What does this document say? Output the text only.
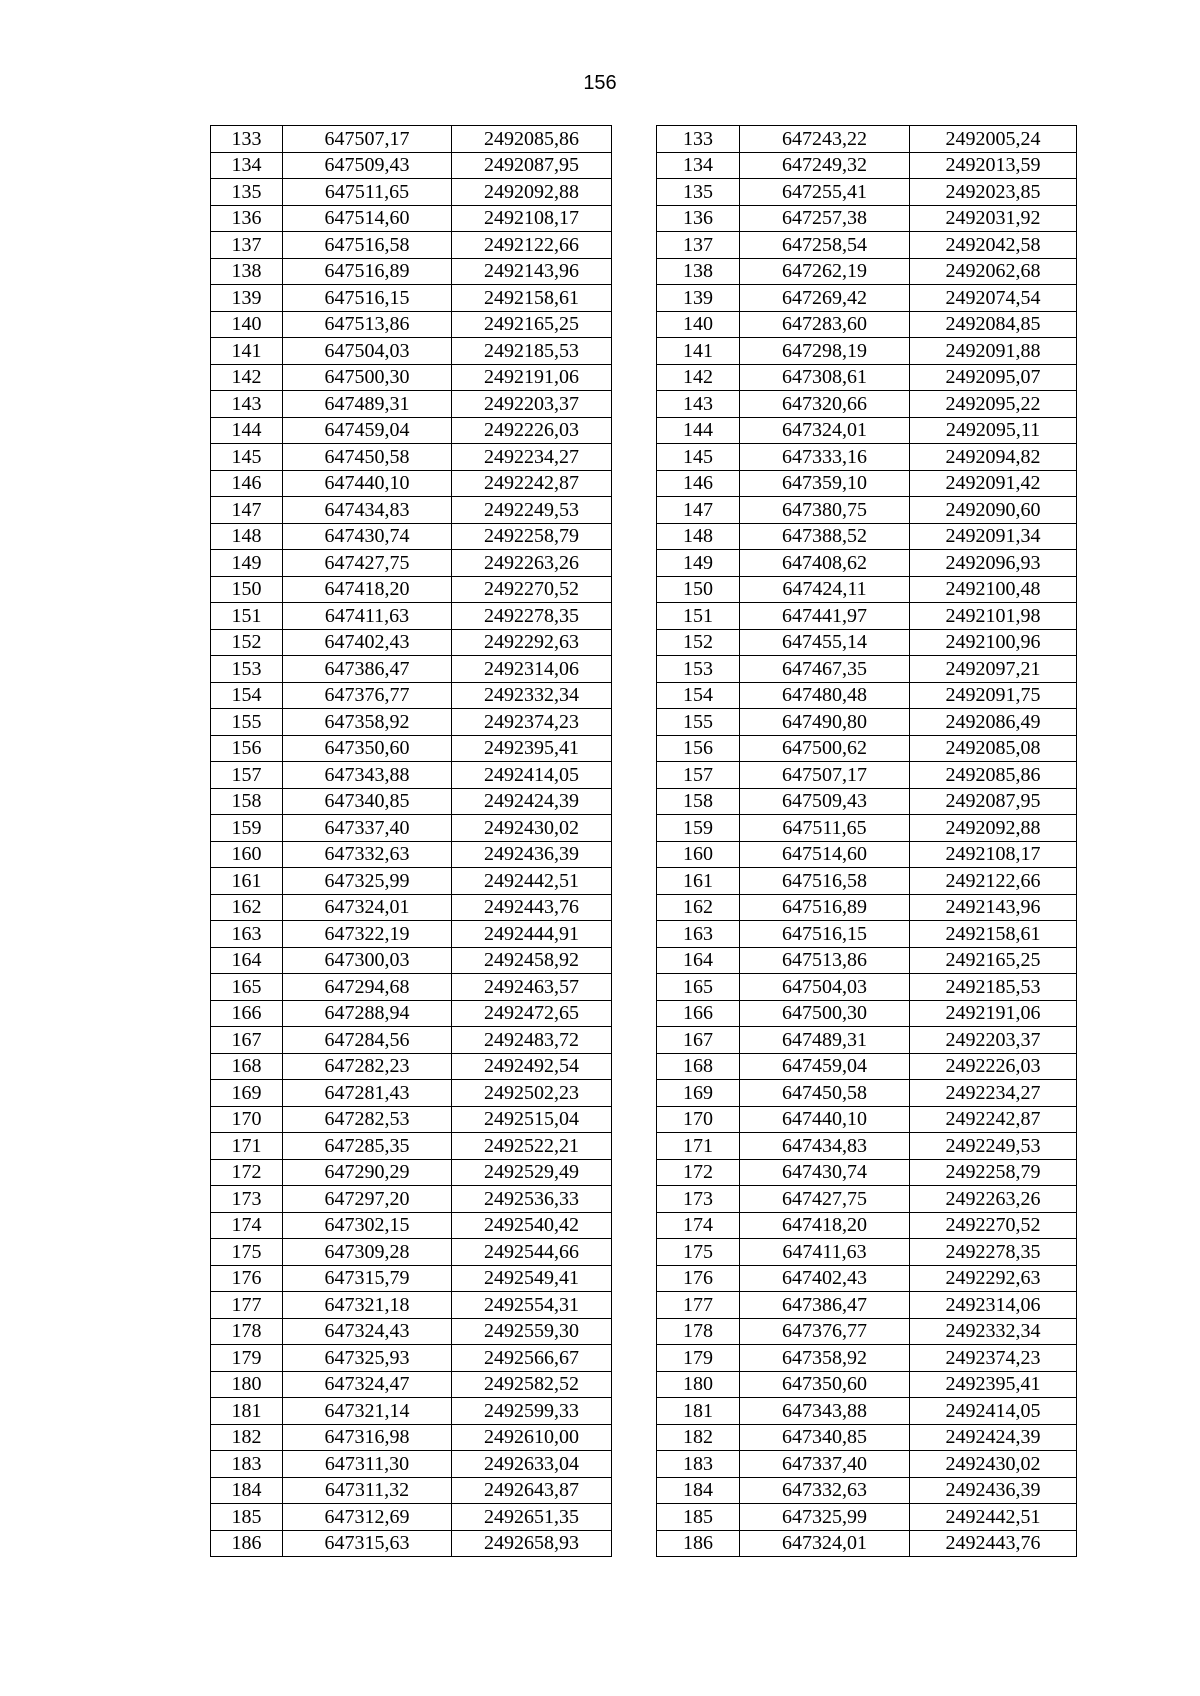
156
133	647507,17	2492085,86		133	647243,22	2492005,24
134	647509,43	2492087,95		134	647249,32	2492013,59
135	647511,65	2492092,88		135	647255,41	2492023,85
136	647514,60	2492108,17		136	647257,38	2492031,92
137	647516,58	2492122,66		137	647258,54	2492042,58
138	647516,89	2492143,96		138	647262,19	2492062,68
139	647516,15	2492158,61		139	647269,42	2492074,54
140	647513,86	2492165,25		140	647283,60	2492084,85
141	647504,03	2492185,53		141	647298,19	2492091,88
142	647500,30	2492191,06		142	647308,61	2492095,07
143	647489,31	2492203,37		143	647320,66	2492095,22
144	647459,04	2492226,03		144	647324,01	2492095,11
145	647450,58	2492234,27		145	647333,16	2492094,82
146	647440,10	2492242,87		146	647359,10	2492091,42
147	647434,83	2492249,53		147	647380,75	2492090,60
148	647430,74	2492258,79		148	647388,52	2492091,34
149	647427,75	2492263,26		149	647408,62	2492096,93
150	647418,20	2492270,52		150	647424,11	2492100,48
151	647411,63	2492278,35		151	647441,97	2492101,98
152	647402,43	2492292,63		152	647455,14	2492100,96
153	647386,47	2492314,06		153	647467,35	2492097,21
154	647376,77	2492332,34		154	647480,48	2492091,75
155	647358,92	2492374,23		155	647490,80	2492086,49
156	647350,60	2492395,41		156	647500,62	2492085,08
157	647343,88	2492414,05		157	647507,17	2492085,86
158	647340,85	2492424,39		158	647509,43	2492087,95
159	647337,40	2492430,02		159	647511,65	2492092,88
160	647332,63	2492436,39		160	647514,60	2492108,17
161	647325,99	2492442,51		161	647516,58	2492122,66
162	647324,01	2492443,76		162	647516,89	2492143,96
163	647322,19	2492444,91		163	647516,15	2492158,61
164	647300,03	2492458,92		164	647513,86	2492165,25
165	647294,68	2492463,57		165	647504,03	2492185,53
166	647288,94	2492472,65		166	647500,30	2492191,06
167	647284,56	2492483,72		167	647489,31	2492203,37
168	647282,23	2492492,54		168	647459,04	2492226,03
169	647281,43	2492502,23		169	647450,58	2492234,27
170	647282,53	2492515,04		170	647440,10	2492242,87
171	647285,35	2492522,21		171	647434,83	2492249,53
172	647290,29	2492529,49		172	647430,74	2492258,79
173	647297,20	2492536,33		173	647427,75	2492263,26
174	647302,15	2492540,42		174	647418,20	2492270,52
175	647309,28	2492544,66		175	647411,63	2492278,35
176	647315,79	2492549,41		176	647402,43	2492292,63
177	647321,18	2492554,31		177	647386,47	2492314,06
178	647324,43	2492559,30		178	647376,77	2492332,34
179	647325,93	2492566,67		179	647358,92	2492374,23
180	647324,47	2492582,52		180	647350,60	2492395,41
181	647321,14	2492599,33		181	647343,88	2492414,05
182	647316,98	2492610,00		182	647340,85	2492424,39
183	647311,30	2492633,04		183	647337,40	2492430,02
184	647311,32	2492643,87		184	647332,63	2492436,39
185	647312,69	2492651,35		185	647325,99	2492442,51
186	647315,63	2492658,93		186	647324,01	2492443,76
